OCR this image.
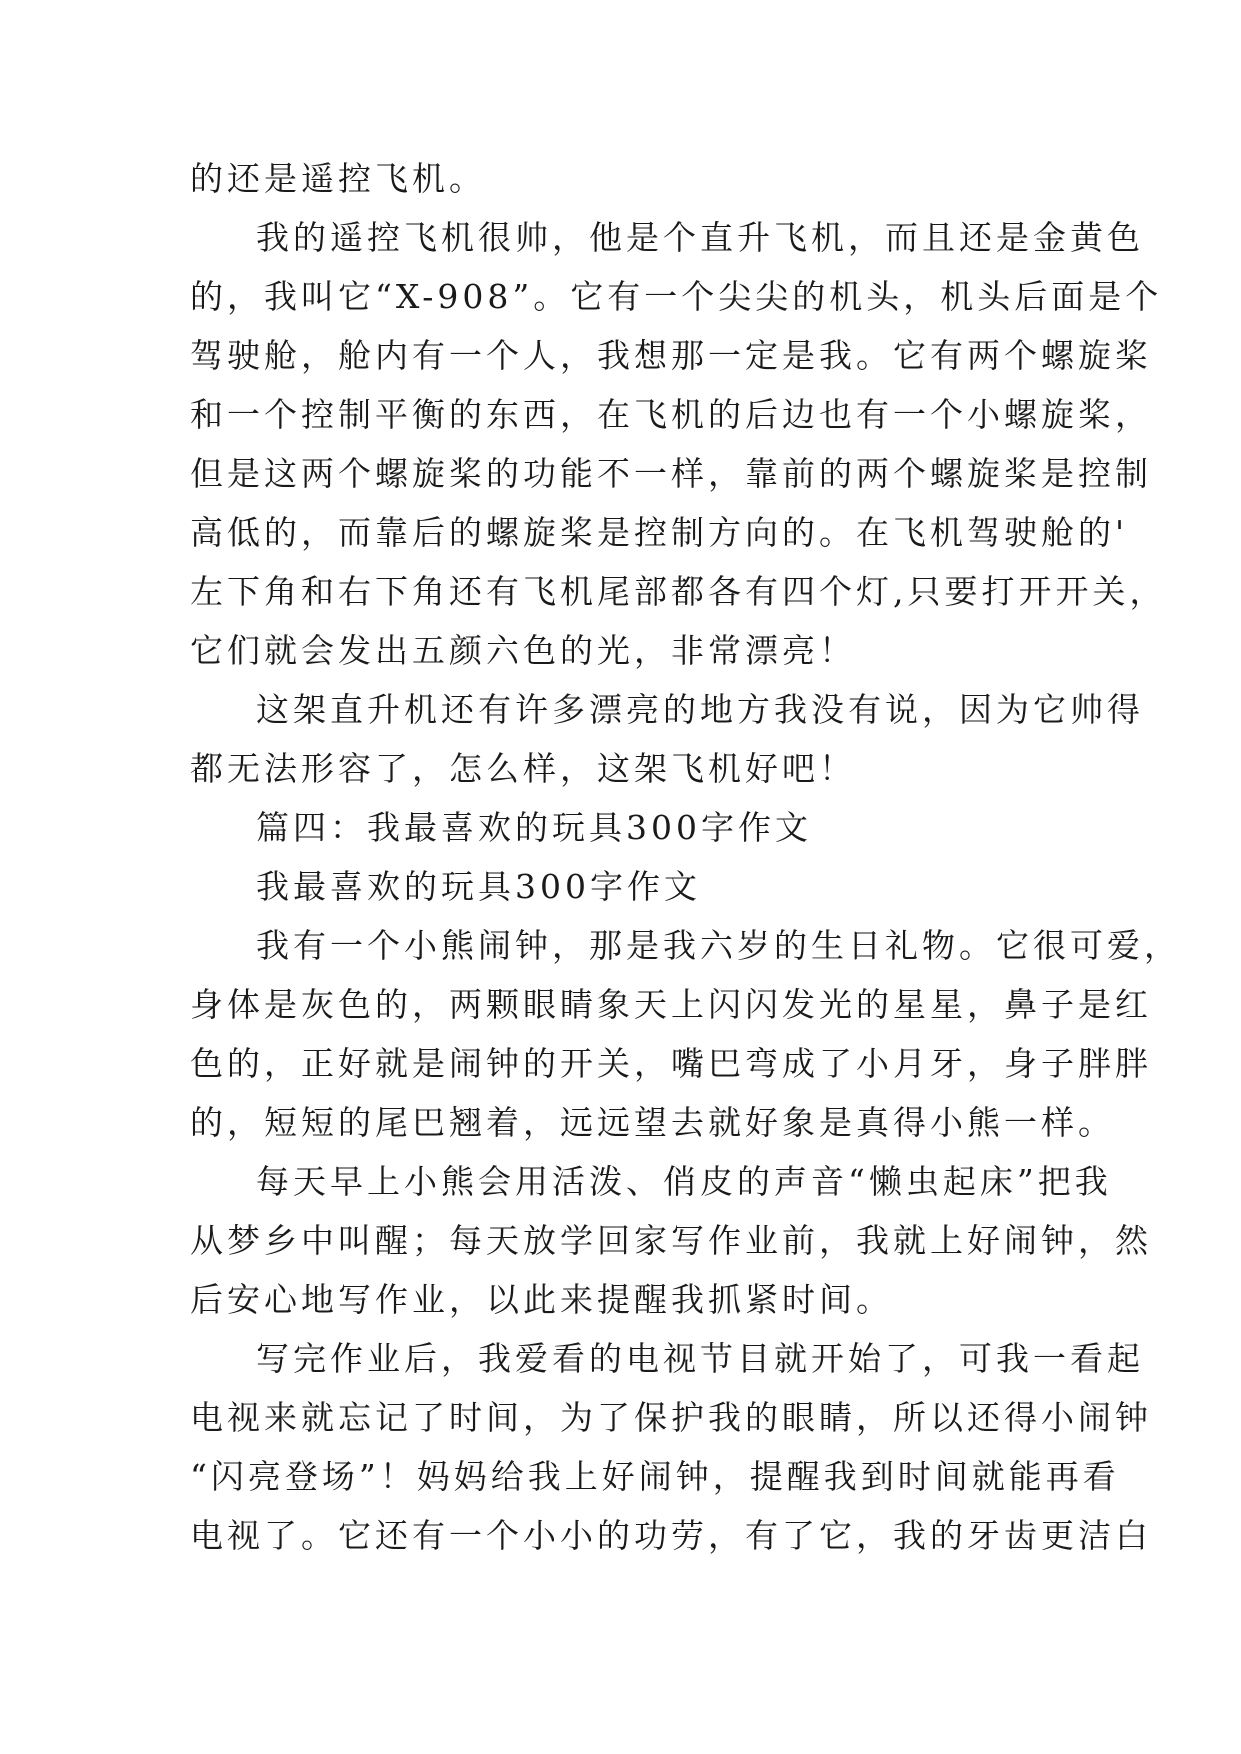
的还是遥控飞机。
我的遥控飞机很帅，他是个直升飞机，而且还是金黄色
的，我叫它“X-908”。它有一个尖尖的机头，机头后面是个
驾驶舱，舱内有一个人，我想那一定是我。它有两个螺旋桨
和一个控制平衡的东西，在飞机的后边也有一个小螺旋桨，
但是这两个螺旋桨的功能不一样，靠前的两个螺旋桨是控制
高低的，而靠后的螺旋桨是控制方向的。在飞机驾驶舱的'
左下角和右下角还有飞机尾部都各有四个灯,只要打开开关，
它们就会发出五颜六色的光，非常漂亮！
这架直升机还有许多漂亮的地方我没有说，因为它帅得
都无法形容了，怎么样，这架飞机好吧！
篇四：我最喜欢的玩具300字作文
我最喜欢的玩具300字作文
我有一个小熊闹钟，那是我六岁的生日礼物。它很可爱，
身体是灰色的，两颗眼睛象天上闪闪发光的星星，鼻子是红
色的，正好就是闹钟的开关，嘴巴弯成了小月牙，身子胖胖
的，短短的尾巴翘着，远远望去就好象是真得小熊一样。
每天早上小熊会用活泼、俏皮的声音“懒虫起床”把我
从梦乡中叫醒；每天放学回家写作业前，我就上好闹钟，然
后安心地写作业，以此来提醒我抓紧时间。
写完作业后，我爱看的电视节目就开始了，可我一看起
电视来就忘记了时间，为了保护我的眼睛，所以还得小闹钟
“闪亮登场”！妈妈给我上好闹钟，提醒我到时间就能再看
电视了。它还有一个小小的功劳，有了它，我的牙齿更洁白
